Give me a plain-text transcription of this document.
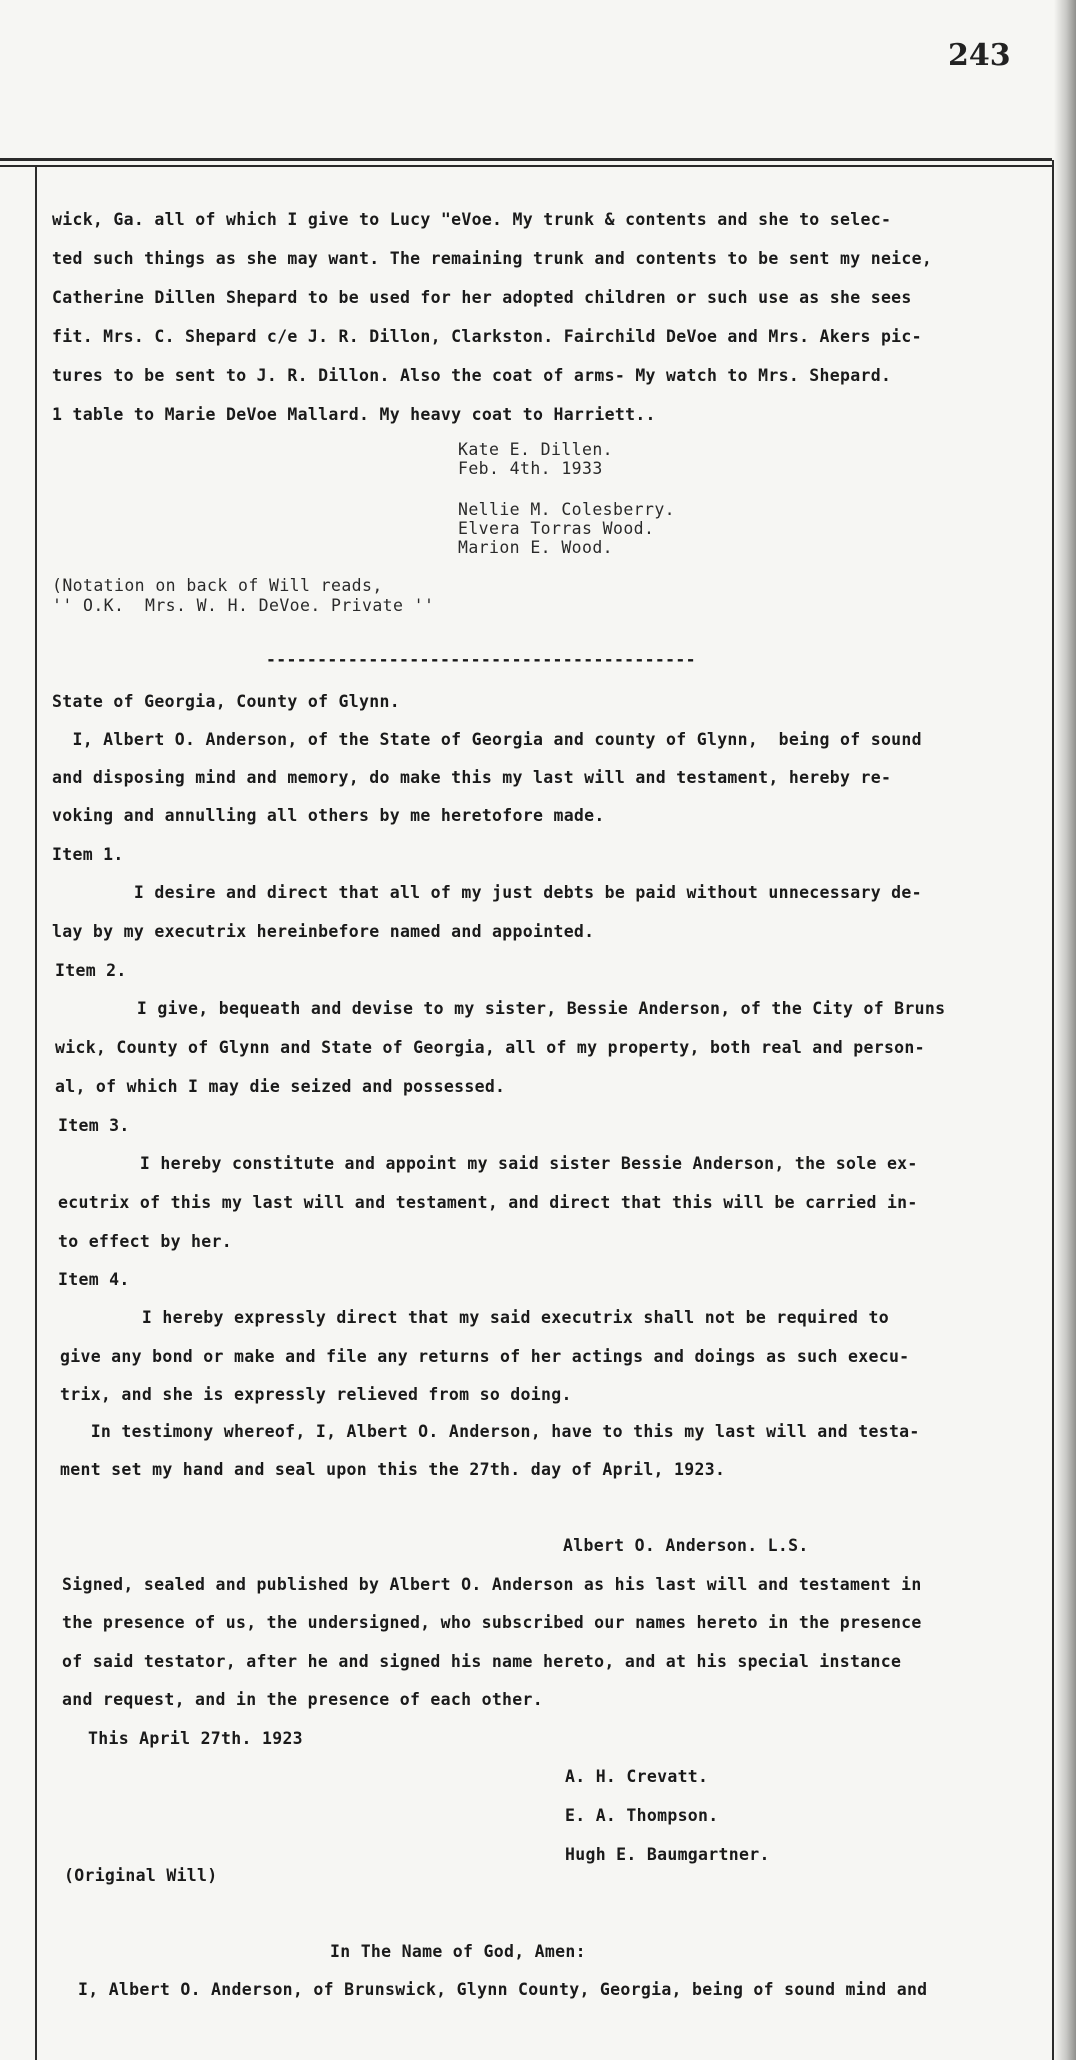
243
wick, Ga. all of which I give to Lucy "eVoe. My trunk & contents and she to selec-
ted such things as she may want. The remaining trunk and contents to be sent my neice,
Catherine Dillen Shepard to be used for her adopted children or such use as she sees
fit. Mrs. C. Shepard c/e J. R. Dillon, Clarkston. Fairchild DeVoe and Mrs. Akers pic-
tures to be sent to J. R. Dillon. Also the coat of arms- My watch to Mrs. Shepard.
1 table to Marie DeVoe Mallard. My heavy coat to Harriett..
Kate E. Dillen.
Feb. 4th. 1933
Nellie M. Colesberry.
Elvera Torras Wood.
Marion E. Wood.
(Notation on back of Will reads,
'' O.K.  Mrs. W. H. DeVoe. Private ''
------------------------------------------
State of Georgia, County of Glynn.
I, Albert O. Anderson, of the State of Georgia and county of Glynn,  being of sound
and disposing mind and memory, do make this my last will and testament, hereby re-
voking and annulling all others by me heretofore made.
Item 1.
I desire and direct that all of my just debts be paid without unnecessary de-
lay by my executrix hereinbefore named and appointed.
Item 2.
I give, bequeath and devise to my sister, Bessie Anderson, of the City of Bruns
wick, County of Glynn and State of Georgia, all of my property, both real and person-
al, of which I may die seized and possessed.
Item 3.
I hereby constitute and appoint my said sister Bessie Anderson, the sole ex-
ecutrix of this my last will and testament, and direct that this will be carried in-
to effect by her.
Item 4.
I hereby expressly direct that my said executrix shall not be required to
give any bond or make and file any returns of her actings and doings as such execu-
trix, and she is expressly relieved from so doing.
In testimony whereof, I, Albert O. Anderson, have to this my last will and testa-
ment set my hand and seal upon this the 27th. day of April, 1923.
Albert O. Anderson. L.S.
Signed, sealed and published by Albert O. Anderson as his last will and testament in
the presence of us, the undersigned, who subscribed our names hereto in the presence
of said testator, after he and signed his name hereto, and at his special instance
and request, and in the presence of each other.
This April 27th. 1923
A. H. Crevatt.
E. A. Thompson.
Hugh E. Baumgartner.
(Original Will)
In The Name of God, Amen:
I, Albert O. Anderson, of Brunswick, Glynn County, Georgia, being of sound mind and
